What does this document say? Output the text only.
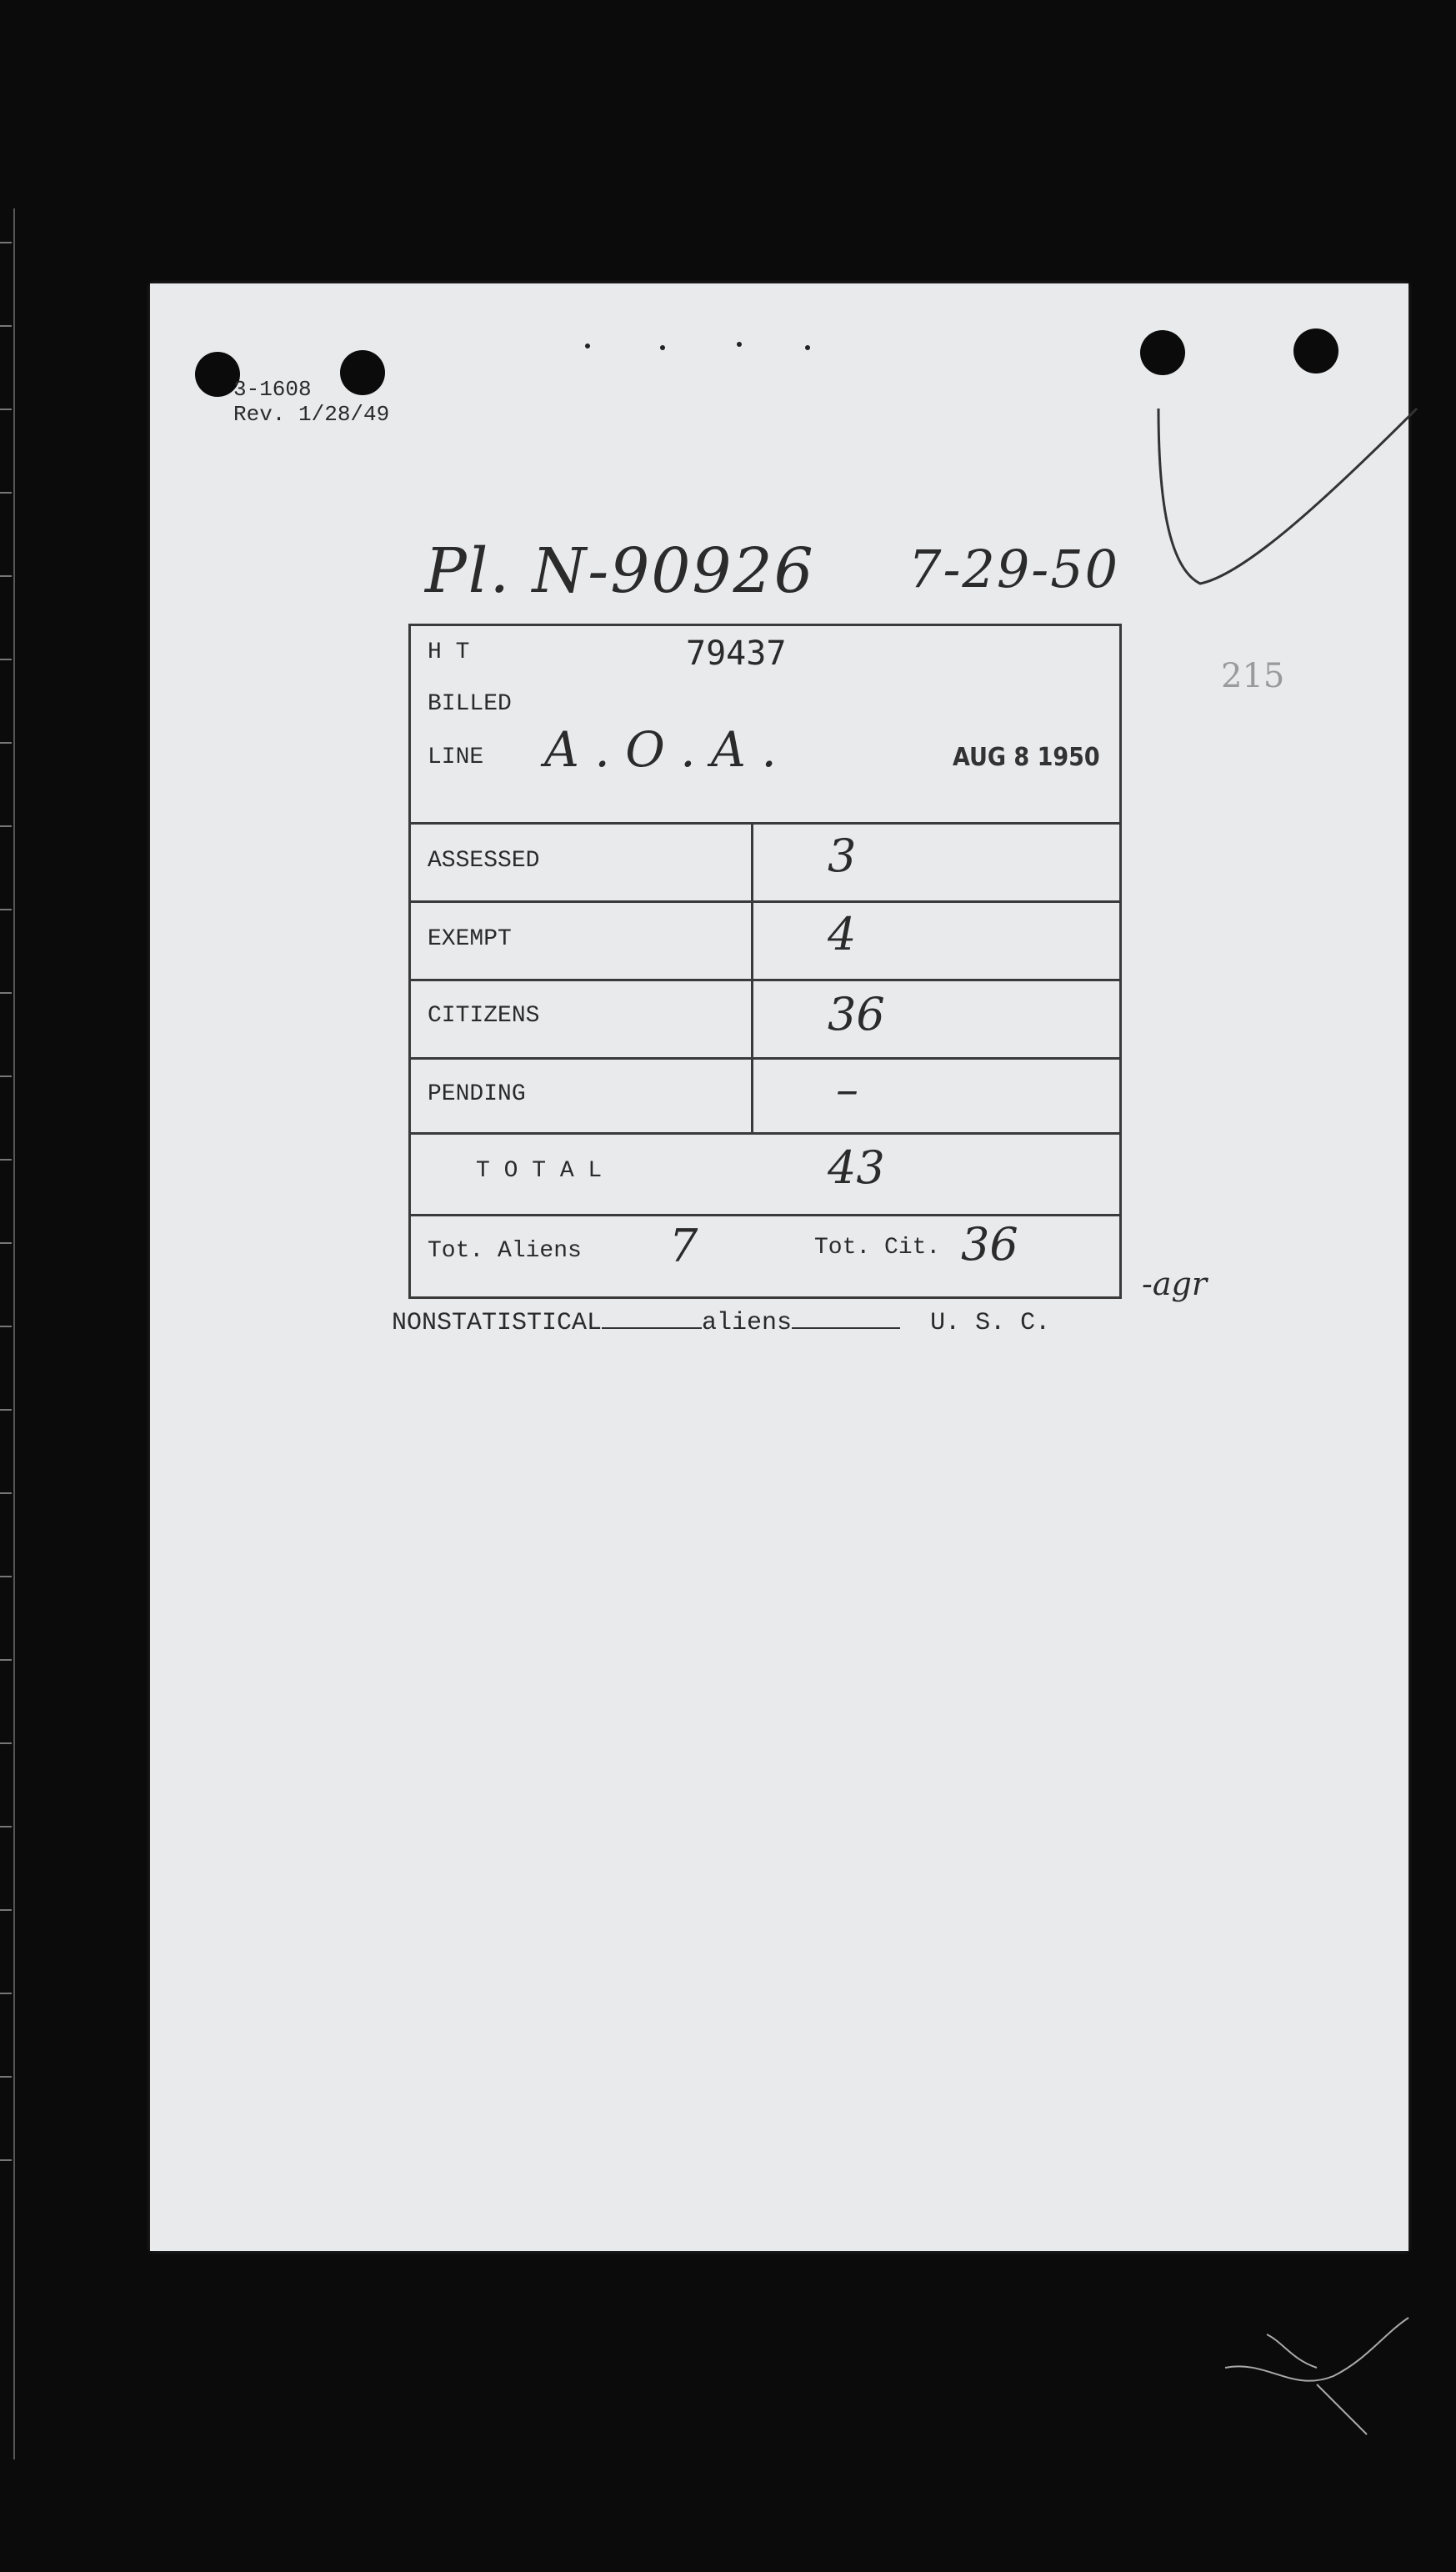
3-1608
Rev. 1/28/49
Pl. N-90926 7-29-50
215
H T	79437
BILLED
LINE A . O . A .	AUG 8 1950
ASSESSED	3
EXEMPT	4
CITIZENS	36
PENDING	–
T O T A L	43
Tot. Aliens 7	Tot. Cit. 36
-agr
NONSTATISTICAL	aliens	U. S. C.
